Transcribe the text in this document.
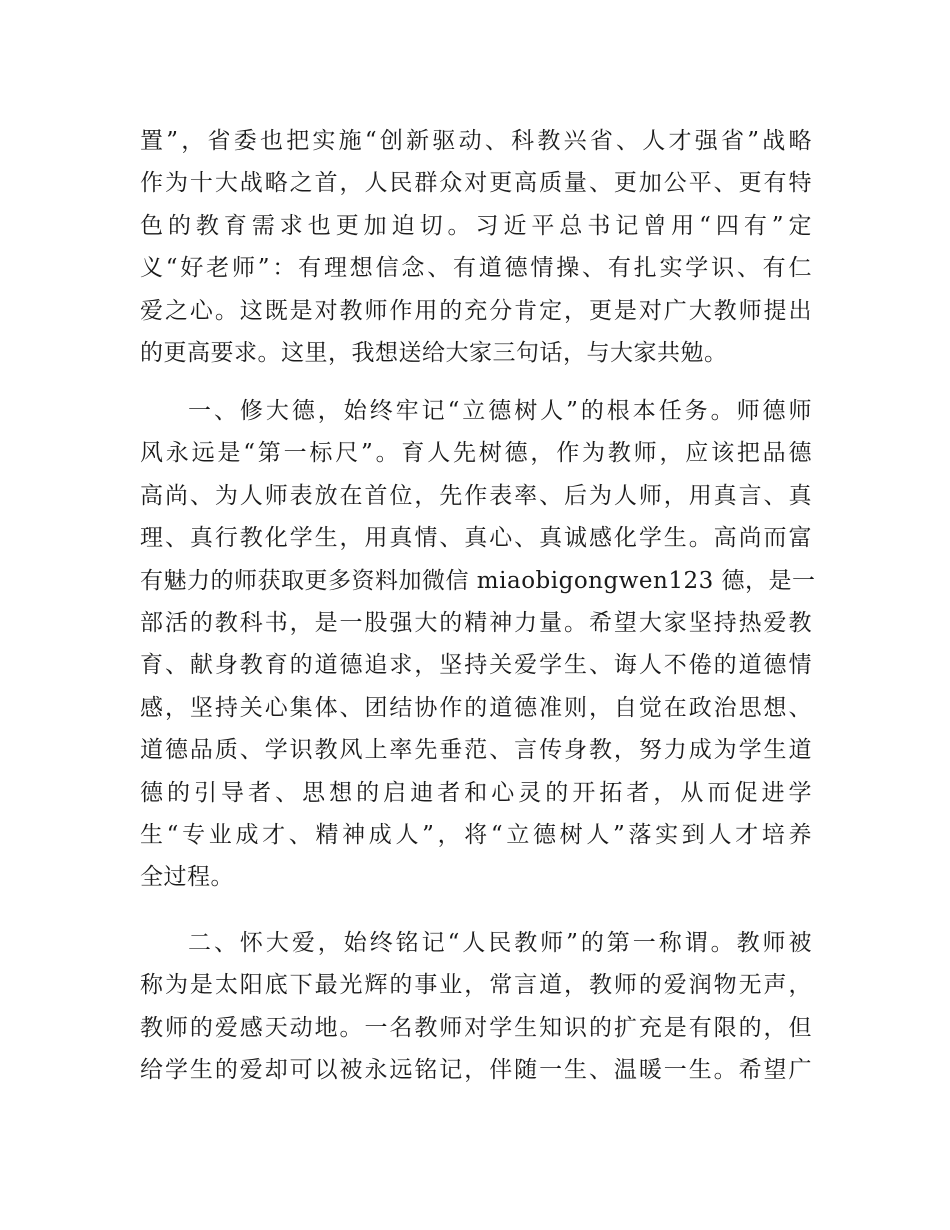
置”，省委也把实施“创新驱动、科教兴省、人才强省”战略
作为十大战略之首，人民群众对更高质量、更加公平、更有特
色的教育需求也更加迫切。习近平总书记曾用“四有”定
义“好老师”：有理想信念、有道德情操、有扎实学识、有仁
爱之心。这既是对教师作用的充分肯定，更是对广大教师提出
的更高要求。这里，我想送给大家三句话，与大家共勉。
一、修大德，始终牢记“立德树人”的根本任务。师德师
风永远是“第一标尺”。育人先树德，作为教师，应该把品德
高尚、为人师表放在首位，先作表率、后为人师，用真言、真
理、真行教化学生，用真情、真心、真诚感化学生。高尚而富
有魅力的师获取更多资料加微信 miaobigongwen123 德，是一
部活的教科书，是一股强大的精神力量。希望大家坚持热爱教
育、献身教育的道德追求，坚持关爱学生、诲人不倦的道德情
感，坚持关心集体、团结协作的道德准则，自觉在政治思想、
道德品质、学识教风上率先垂范、言传身教，努力成为学生道
德的引导者、思想的启迪者和心灵的开拓者，从而促进学
生“专业成才、精神成人”，将“立德树人”落实到人才培养
全过程。
二、怀大爱，始终铭记“人民教师”的第一称谓。教师被
称为是太阳底下最光辉的事业，常言道，教师的爱润物无声，
教师的爱感天动地。一名教师对学生知识的扩充是有限的，但
给学生的爱却可以被永远铭记，伴随一生、温暖一生。希望广
